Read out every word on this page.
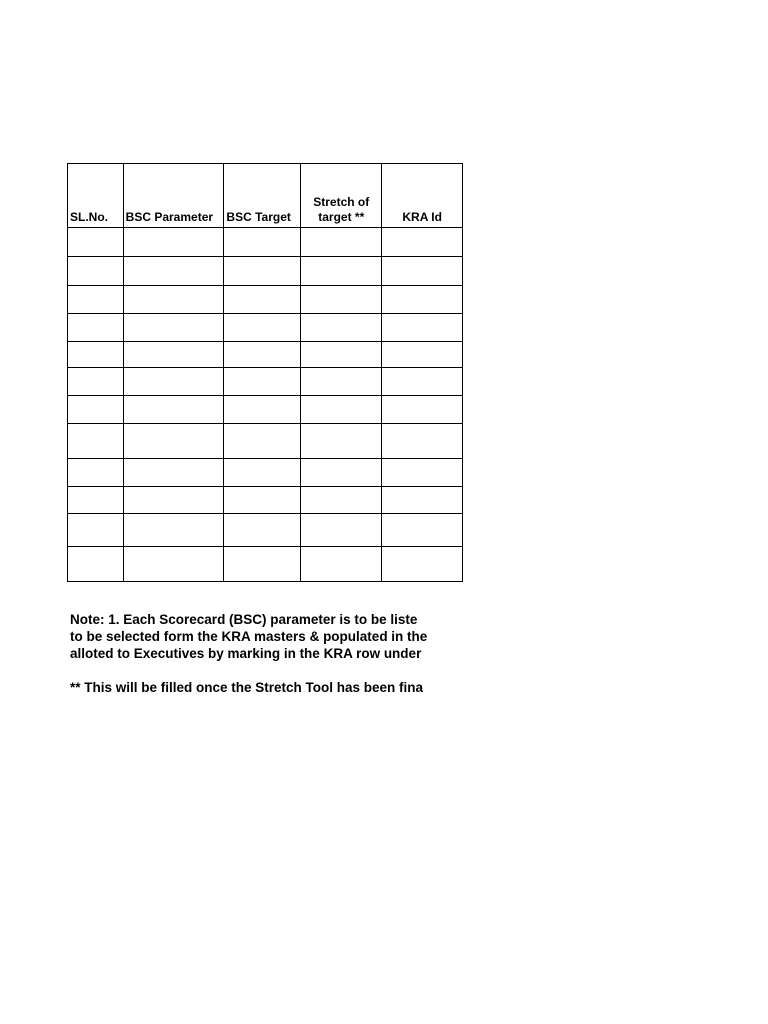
SL.No.	BSC Parameter	BSC Target	Stretch of target **	KRA Id

Note: 1. Each Scorecard (BSC) parameter is to be liste

to be selected form the KRA masters & populated in the

alloted to Executives by marking in the KRA row under

** This will be filled once the Stretch Tool has been fina
